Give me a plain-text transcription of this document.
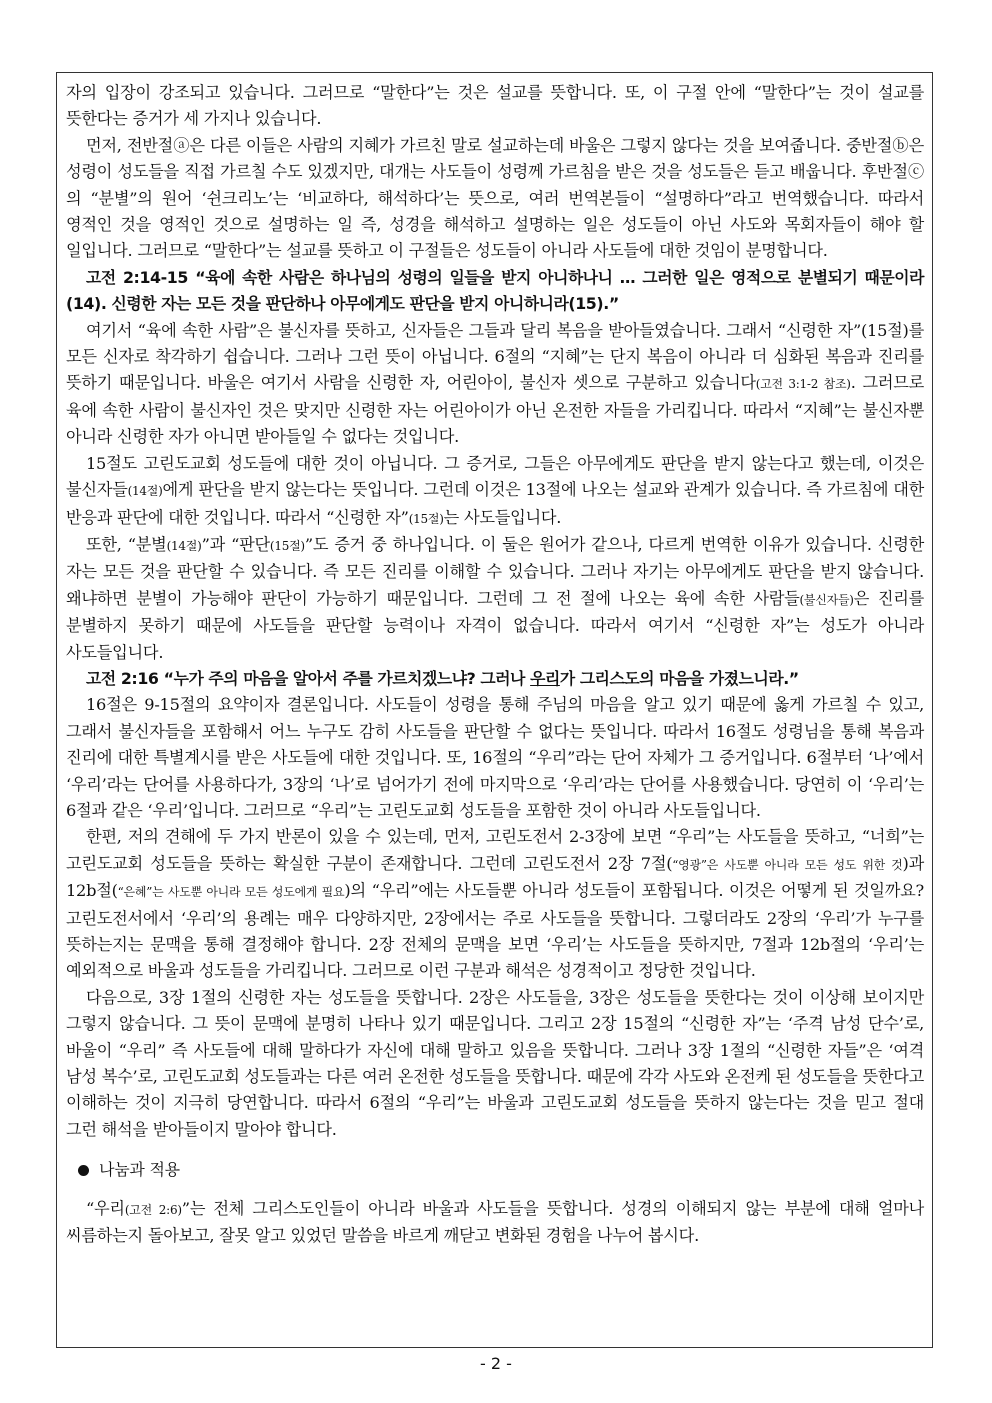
자의 입장이 강조되고 있습니다. 그러므로 “말한다”는 것은 설교를 뜻합니다. 또, 이 구절 안에 “말한다”는 것이 설교를 뜻한다는 증거가 세 가지나 있습니다.

먼저, 전반절ⓐ은 다른 이들은 사람의 지혜가 가르친 말로 설교하는데 바울은 그렇지 않다는 것을 보여줍니다. 중반절ⓑ은 성령이 성도들을 직접 가르칠 수도 있겠지만, 대개는 사도들이 성령께 가르침을 받은 것을 성도들은 듣고 배웁니다. 후반절ⓒ의 “분별”의 원어 ‘쉰크리노’는 ‘비교하다, 해석하다’는 뜻으로, 여러 번역본들이 “설명하다”라고 번역했습니다. 따라서 영적인 것을 영적인 것으로 설명하는 일 즉, 성경을 해석하고 설명하는 일은 성도들이 아닌 사도와 목회자들이 해야 할 일입니다. 그러므로 “말한다”는 설교를 뜻하고 이 구절들은 성도들이 아니라 사도들에 대한 것임이 분명합니다.

고전 2:14-15 “육에 속한 사람은 하나님의 성령의 일들을 받지 아니하나니 … 그러한 일은 영적으로 분별되기 때문이라(14). 신령한 자는 모든 것을 판단하나 아무에게도 판단을 받지 아니하니라(15).”

여기서 “육에 속한 사람”은 불신자를 뜻하고, 신자들은 그들과 달리 복음을 받아들였습니다. 그래서 “신령한 자”(15절)를 모든 신자로 착각하기 쉽습니다. 그러나 그런 뜻이 아닙니다. 6절의 “지혜”는 단지 복음이 아니라 더 심화된 복음과 진리를 뜻하기 때문입니다. 바울은 여기서 사람을 신령한 자, 어린아이, 불신자 셋으로 구분하고 있습니다(고전 3:1-2 참조). 그러므로 육에 속한 사람이 불신자인 것은 맞지만 신령한 자는 어린아이가 아닌 온전한 자들을 가리킵니다. 따라서 “지혜”는 불신자뿐 아니라 신령한 자가 아니면 받아들일 수 없다는 것입니다.

15절도 고린도교회 성도들에 대한 것이 아닙니다. 그 증거로, 그들은 아무에게도 판단을 받지 않는다고 했는데, 이것은 불신자들(14절)에게 판단을 받지 않는다는 뜻입니다. 그런데 이것은 13절에 나오는 설교와 관계가 있습니다. 즉 가르침에 대한 반응과 판단에 대한 것입니다. 따라서 “신령한 자”(15절)는 사도들입니다.

또한, “분별(14절)”과 “판단(15절)”도 증거 중 하나입니다. 이 둘은 원어가 같으나, 다르게 번역한 이유가 있습니다. 신령한 자는 모든 것을 판단할 수 있습니다. 즉 모든 진리를 이해할 수 있습니다. 그러나 자기는 아무에게도 판단을 받지 않습니다. 왜냐하면 분별이 가능해야 판단이 가능하기 때문입니다. 그런데 그 전 절에 나오는 육에 속한 사람들(불신자들)은 진리를 분별하지 못하기 때문에 사도들을 판단할 능력이나 자격이 없습니다. 따라서 여기서 “신령한 자”는 성도가 아니라 사도들입니다.

고전 2:16 “누가 주의 마음을 알아서 주를 가르치겠느냐? 그러나 우리가 그리스도의 마음을 가졌느니라.”

16절은 9-15절의 요약이자 결론입니다. 사도들이 성령을 통해 주님의 마음을 알고 있기 때문에 옳게 가르칠 수 있고, 그래서 불신자들을 포함해서 어느 누구도 감히 사도들을 판단할 수 없다는 뜻입니다. 따라서 16절도 성령님을 통해 복음과 진리에 대한 특별계시를 받은 사도들에 대한 것입니다. 또, 16절의 “우리”라는 단어 자체가 그 증거입니다. 6절부터 ‘나’에서 ‘우리’라는 단어를 사용하다가, 3장의 ‘나’로 넘어가기 전에 마지막으로 ‘우리’라는 단어를 사용했습니다. 당연히 이 ‘우리’는 6절과 같은 ‘우리’입니다. 그러므로 “우리”는 고린도교회 성도들을 포함한 것이 아니라 사도들입니다.

한편, 저의 견해에 두 가지 반론이 있을 수 있는데, 먼저, 고린도전서 2-3장에 보면 “우리”는 사도들을 뜻하고, “너희”는 고린도교회 성도들을 뜻하는 확실한 구분이 존재합니다. 그런데 고린도전서 2장 7절(“영광”은 사도뿐 아니라 모든 성도 위한 것)과 12b절(“은혜”는 사도뿐 아니라 모든 성도에게 필요)의 “우리”에는 사도들뿐 아니라 성도들이 포함됩니다. 이것은 어떻게 된 것일까요? 고린도전서에서 ‘우리’의 용례는 매우 다양하지만, 2장에서는 주로 사도들을 뜻합니다. 그렇더라도 2장의 ‘우리’가 누구를 뜻하는지는 문맥을 통해 결정해야 합니다. 2장 전체의 문맥을 보면 ‘우리’는 사도들을 뜻하지만, 7절과 12b절의 ‘우리’는 예외적으로 바울과 성도들을 가리킵니다. 그러므로 이런 구분과 해석은 성경적이고 정당한 것입니다.

다음으로, 3장 1절의 신령한 자는 성도들을 뜻합니다. 2장은 사도들을, 3장은 성도들을 뜻한다는 것이 이상해 보이지만 그렇지 않습니다. 그 뜻이 문맥에 분명히 나타나 있기 때문입니다. 그리고 2장 15절의 “신령한 자”는 ‘주격 남성 단수’로, 바울이 “우리” 즉 사도들에 대해 말하다가 자신에 대해 말하고 있음을 뜻합니다. 그러나 3장 1절의 “신령한 자들”은 ‘여격 남성 복수’로, 고린도교회 성도들과는 다른 여러 온전한 성도들을 뜻합니다. 때문에 각각 사도와 온전케 된 성도들을 뜻한다고 이해하는 것이 지극히 당연합니다. 따라서 6절의 “우리”는 바울과 고린도교회 성도들을 뜻하지 않는다는 것을 믿고 절대 그런 해석을 받아들이지 말아야 합니다.

나눔과 적용

“우리(고전 2:6)”는 전체 그리스도인들이 아니라 바울과 사도들을 뜻합니다. 성경의 이해되지 않는 부분에 대해 얼마나 씨름하는지 돌아보고, 잘못 알고 있었던 말씀을 바르게 깨닫고 변화된 경험을 나누어 봅시다.

- 2 -
